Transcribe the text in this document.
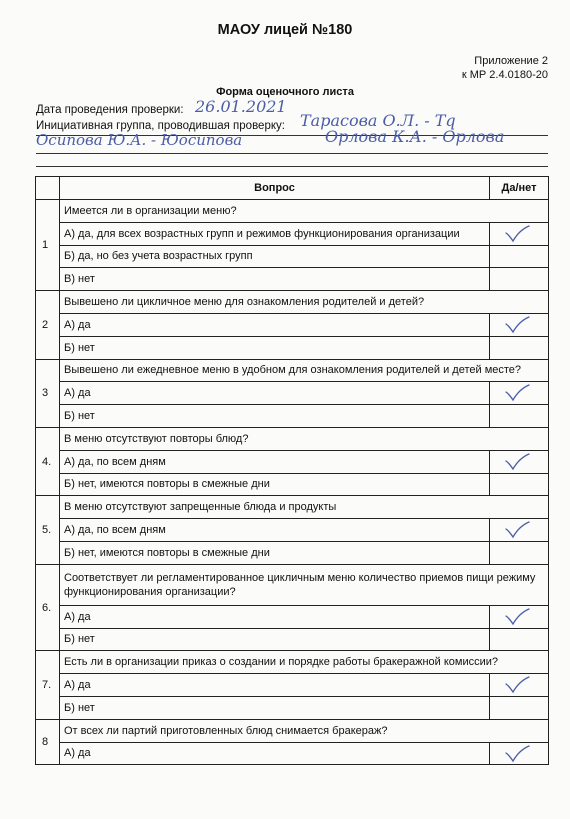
МАОУ лицей №180
Приложение 2
к МР 2.4.0180-20
Форма оценочного листа
Дата проведения проверки: 26.01.2021
Инициативная группа, проводившая проверку: Тарасова О.Л. - Tq
Осипова Ю.А. - Юосипова	Орлова К.А. - Орлова
	Вопрос	Да/нет
1	Имеется ли в организации меню?	
	А) да, для всех возрастных групп и режимов функционирования организации	

	Б) да, но без учета возрастных групп	
	В) нет	
2	Вывешено ли цикличное меню для ознакомления родителей и детей?	
	А) да	

	Б) нет	
3	Вывешено ли ежедневное меню в удобном для ознакомления родителей и детей месте?	
	А) да	

	Б) нет	
4.	В меню отсутствуют повторы блюд?	
	А) да, по всем дням	

	Б) нет, имеются повторы в смежные дни	
5.	В меню отсутствуют запрещенные блюда и продукты	
	А) да, по всем дням	

	Б) нет, имеются повторы в смежные дни	
6.	Соответствует ли регламентированное цикличным меню количество приемов пищи режиму функционирования организации?	
	А) да	

	Б) нет	
7.	Есть ли в организации приказ о создании и порядке работы бракеражной комиссии?	
	А) да	

	Б) нет	
8	От всех ли партий приготовленных блюд снимается бракераж?	
	А) да	
